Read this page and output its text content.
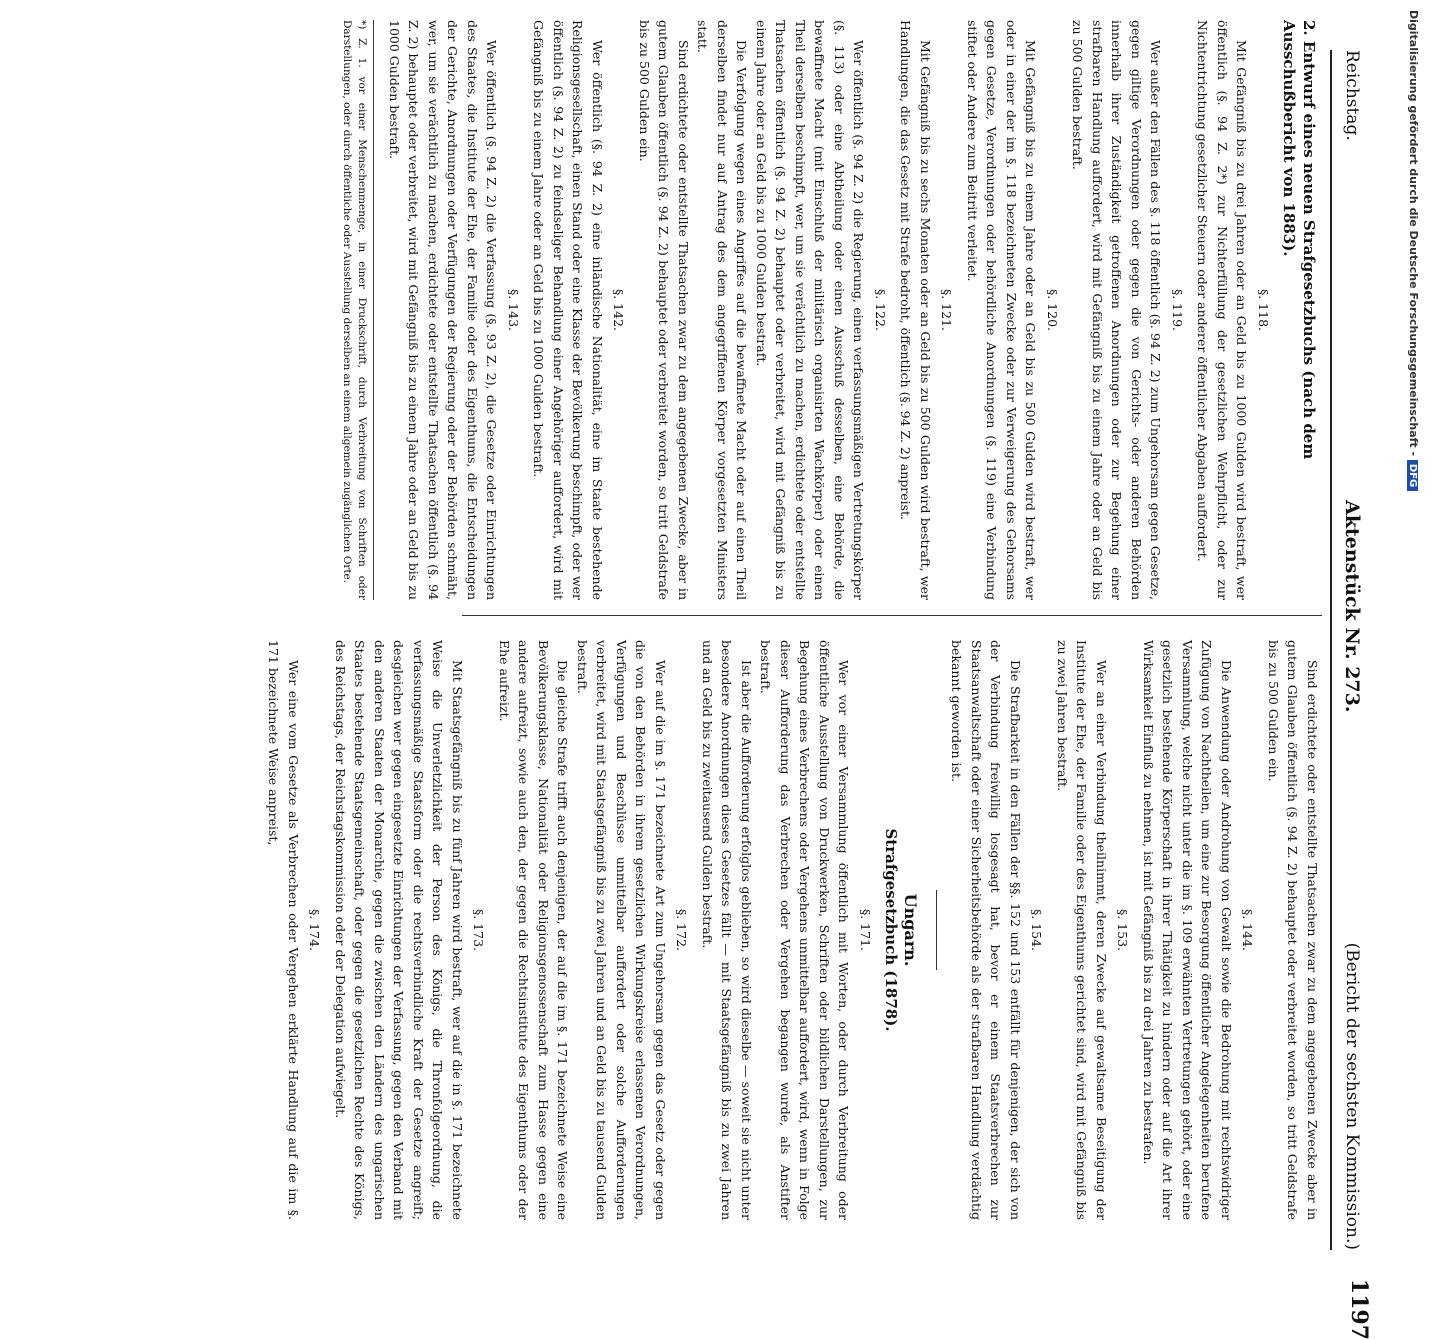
Reichstag.
Aktenstück Nr. 273.
(Bericht der sechsten Kommission.)
1197
2. Entwurf eines neuen Strafgesetzbuchs (nach dem Ausschußbericht von 1883).
§. 118.

Mit Gefängniß bis zu drei Jahren oder an Geld bis zu 1000 Gulden wird bestraft, wer öffentlich (§. 94 Z. 2*) zur Nichterfüllung der gesetzlichen Wehrpflicht, oder zur Nichtentrichtung gesetzlicher Steuern oder anderer öffentlicher Abgaben auffordert.

§. 119.

Wer außer den Fällen des §. 118 öffentlich (§. 94 Z. 2) zum Ungehorsam gegen Gesetze, gegen giltige Verordnungen oder gegen die von Gerichts- oder anderen Behörden innerhalb ihrer Zuständigkeit getroffenen Anordnungen oder zur Begehung einer strafbaren Handlung auffordert, wird mit Gefängniß bis zu einem Jahre oder an Geld bis zu 500 Gulden bestraft.

§. 120.

Mit Gefängniß bis zu einem Jahre oder an Geld bis zu 500 Gulden wird bestraft, wer oder in einer der im §. 118 bezeichneten Zwecke oder zur Verweigerung des Gehorsams gegen Gesetze, Verordnungen oder behördliche Anordnungen (§. 119) eine Verbindung stiftet oder Andere zum Beitritt verleitet.

§. 121.

Mit Gefängniß bis zu sechs Monaten oder an Geld bis zu 500 Gulden wird bestraft, wer Handlungen, die das Gesetz mit Strafe bedroht, öffentlich (§. 94 Z. 2) anpreist.

§. 122.

Wer öffentlich (§. 94 Z. 2) die Regierung, einen verfassungsmäßigen Vertretungskörper (§. 113) oder eine Abtheilung oder einen Ausschuß desselben, eine Behörde, die bewaffnete Macht (mit Einschluß der militärisch organisirten Wachkörper) oder einen Theil derselben beschimpft, wer, um sie verächtlich zu machen, erdichtete oder entstellte Thatsachen öffentlich (§. 94 Z. 2) behauptet oder verbreitet, wird mit Gefängniß bis zu einem Jahre oder an Geld bis zu 1000 Gulden bestraft.

Die Verfolgung wegen eines Angriffes auf die bewaffnete Macht oder auf einen Theil derselben findet nur auf Antrag des dem angegriffenen Körper vorgesetzten Ministers statt.

Sind erdichtete oder entstellte Thatsachen zwar zu dem angegebenen Zwecke, aber in gutem Glauben öffentlich (§. 94 Z. 2) behauptet oder verbreitet worden, so tritt Geldstrafe bis zu 500 Gulden ein.

§. 142.

Wer öffentlich (§. 94 Z. 2) eine inländische Nationalität, eine im Staate bestehende Religionsgesellschaft, einen Stand oder eine Klasse der Bevölkerung beschimpft, oder wer öffentlich (§. 94 Z. 2) zu feindseliger Behandlung einer Angehöriger auffordert, wird mit Gefängniß bis zu einem Jahre oder an Geld bis zu 1000 Gulden bestraft.

§. 143.

Wer öffentlich (§. 94 Z. 2) die Verfassung (§. 93 Z. 2), die Gesetze oder Einrichtungen des Staates, die Institute der Ehe, der Familie oder des Eigenthums, die Entscheidungen der Gerichte, Anordnungen oder Verfügungen der Regierung oder der Behörden schmäht, wer, um sie verächtlich zu machen, erdichtete oder entstellte Thatsachen öffentlich (§. 94 Z. 2) behauptet oder verbreitet, wird mit Gefängniß bis zu einem Jahre oder an Geld bis zu 1000 Gulden bestraft.

*) Z. 1. vor einer Menschenmenge, in einer Druckschrift, durch Verbreitung von Schriften oder Darstellungen, oder durch öffentliche oder Ausstellung derselben an einem allgemein zugänglichen Orte.

Sind erdichtete oder entstellte Thatsachen zwar zu dem angegebenen Zwecke aber in gutem Glauben öffentlich (§. 94 Z. 2) behauptet oder verbreitet worden, so tritt Geldstrafe bis zu 500 Gulden ein.

§. 144.

Die Anwendung oder Androhung von Gewalt sowie die Bedrohung mit rechtswidriger Zufügung von Nachtheilen, um eine zur Besorgung öffentlicher Angelegenheiten berufene Versammlung, welche nicht unter die im §. 109 erwähnten Vertretungen gehört, oder eine gesetzlich bestehende Körperschaft in ihrer Thätigkeit zu hindern oder auf die Art ihrer Wirksamkeit Einfluß zu nehmen, ist mit Gefängniß bis zu drei Jahren zu bestrafen.

§. 153.

Wer an einer Verbindung theilnimmt, deren Zwecke auf gewaltsame Beseitigung der Institute der Ehe, der Familie oder des Eigenthums gerichtet sind, wird mit Gefängniß bis zu zwei Jahren bestraft.

§. 154.

Die Strafbarkeit in den Fällen der §§. 152 und 153 entfällt für denjenigen, der sich von der Verbindung freiwillig losgesagt hat, bevor er einem Staatsverbrechen zur Staatsanwaltschaft oder einer Sicherheitsbehörde als der strafbaren Handlung verdächtig bekannt geworden ist.

Ungarn.
Strafgesetzbuch (1878).
§. 171.

Wer vor einer Versammlung öffentlich mit Worten, oder durch Verbreitung oder öffentliche Ausstellung von Druckwerken, Schriften oder bildlichen Darstellungen, zur Begehung eines Verbrechens oder Vergehens unmittelbar auffordert, wird, wenn in Folge dieser Aufforderung das Verbrechen oder Vergehen begangen wurde, als Anstifter bestraft.

Ist aber die Aufforderung erfolglos geblieben, so wird dieselbe — soweit sie nicht unter besondere Anordnungen dieses Gesetzes fällt — mit Staatsgefängniß bis zu zwei Jahren und an Geld bis zu zweitausend Gulden bestraft.

§. 172.

Wer auf die im §. 171 bezeichnete Art zum Ungehorsam gegen das Gesetz oder gegen die von den Behörden in ihrem gesetzlichen Wirkungskreise erlassenen Verordnungen, Verfügungen und Beschlüsse unmittelbar auffordert oder solche Aufforderungen verbreitet, wird mit Staatsgefängniß bis zu zwei Jahren und an Geld bis zu tausend Gulden bestraft.

Die gleiche Strafe trifft auch denjenigen, der auf die im §. 171 bezeichnete Weise eine Bevölkerungsklasse, Nationalität oder Religionsgenossenschaft zum Hasse gegen eine andere aufreizt, sowie auch den, der gegen die Rechtsinstitute des Eigenthums oder der Ehe aufreizt.

§. 173.

Mit Staatsgefängniß bis zu fünf Jahren wird bestraft, wer auf die in §. 171 bezeichnete Weise die Unverletzlichkeit der Person des Königs, die Thronfolgeordnung, die verfassungsmäßige Staatsform oder die rechtsverbindliche Kraft der Gesetze angreift; desgleichen wer gegen eingesetzte Einrichtungen der Verfassung, gegen den Verband mit den anderen Staaten der Monarchie, gegen die zwischen den Ländern des ungarischen Staates bestehende Staatsgemeinschaft, oder gegen die gesetzlichen Rechte des Königs, des Reichstags, der Reichstagskommission oder der Delegation aufwiegelt.

§. 174.

Wer eine vom Gesetze als Verbrechen oder Vergehen erklärte Handlung auf die im §. 171 bezeichnete Weise anpreist,

Digitalisierung gefördert durch die Deutsche Forschungsgemeinschaft - DFG
